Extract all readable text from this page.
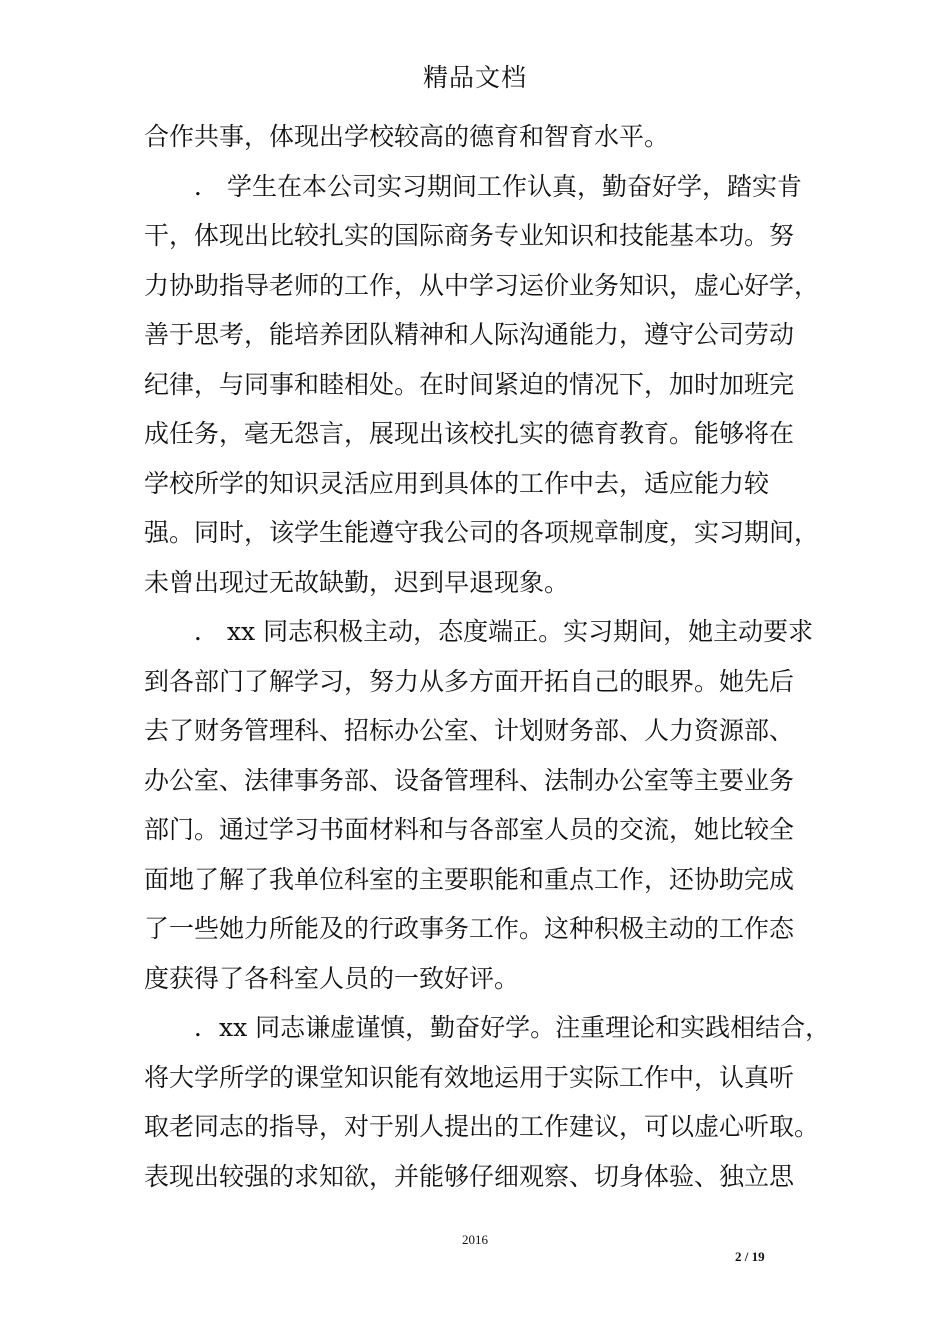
精品文档
合作共事，体现出学校较高的德育和智育水平。
． 学生在本公司实习期间工作认真，勤奋好学，踏实肯
干，体现出比较扎实的国际商务专业知识和技能基本功。努
力协助指导老师的工作，从中学习运价业务知识，虚心好学，
善于思考，能培养团队精神和人际沟通能力，遵守公司劳动
纪律，与同事和睦相处。在时间紧迫的情况下，加时加班完
成任务，毫无怨言，展现出该校扎实的德育教育。能够将在
学校所学的知识灵活应用到具体的工作中去，适应能力较
强。同时，该学生能遵守我公司的各项规章制度，实习期间，
未曾出现过无故缺勤，迟到早退现象。
． xx 同志积极主动，态度端正。实习期间，她主动要求
到各部门了解学习，努力从多方面开拓自己的眼界。她先后
去了财务管理科、招标办公室、计划财务部、人力资源部、
办公室、法律事务部、设备管理科、法制办公室等主要业务
部门。通过学习书面材料和与各部室人员的交流，她比较全
面地了解了我单位科室的主要职能和重点工作，还协助完成
了一些她力所能及的行政事务工作。这种积极主动的工作态
度获得了各科室人员的一致好评。
．xx 同志谦虚谨慎，勤奋好学。注重理论和实践相结合，
将大学所学的课堂知识能有效地运用于实际工作中，认真听
取老同志的指导，对于别人提出的工作建议，可以虚心听取。
表现出较强的求知欲，并能够仔细观察、切身体验、独立思
2016
2 / 19
